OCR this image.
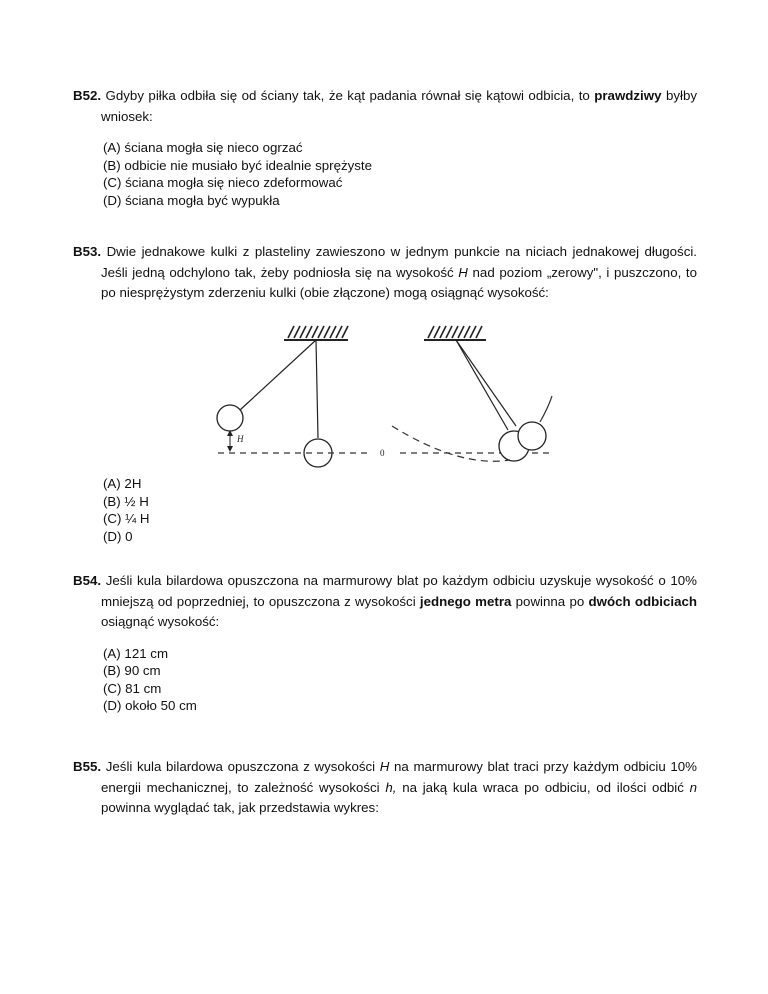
B52. Gdyby piłka odbiła się od ściany tak, że kąt padania równał się kątowi odbicia, to prawdziwy byłby wniosek:

(A) ściana mogła się nieco ogrzać
(B) odbicie nie musiało być idealnie sprężyste
(C) ściana mogła się nieco zdeformować
(D) ściana mogła być wypukła

B53. Dwie jednakowe kulki z plasteliny zawieszono w jednym punkcie na niciach jednakowej długości. Jeśli jedną odchylono tak, żeby podniosła się na wysokość H nad poziom „zerowy", i puszczono, to po niesprężystym zderzeniu kulki (obie złączone) mogą osiągnąć wysokość:

H
0
(A) 2H
(B) ½ H
(C) ¼ H
(D) 0

B54. Jeśli kula bilardowa opuszczona na marmurowy blat po każdym odbiciu uzyskuje wysokość o 10% mniejszą od poprzedniej, to opuszczona z wysokości jednego metra powinna po dwóch odbiciach osiągnąć wysokość:

(A) 121 cm
(B) 90 cm
(C) 81 cm
(D) około 50 cm

B55. Jeśli kula bilardowa opuszczona z wysokości H na marmurowy blat traci przy każdym odbiciu 10% energii mechanicznej, to zależność wysokości h, na jaką kula wraca po odbiciu, od ilości odbić n powinna wyglądać tak, jak przedstawia wykres:
